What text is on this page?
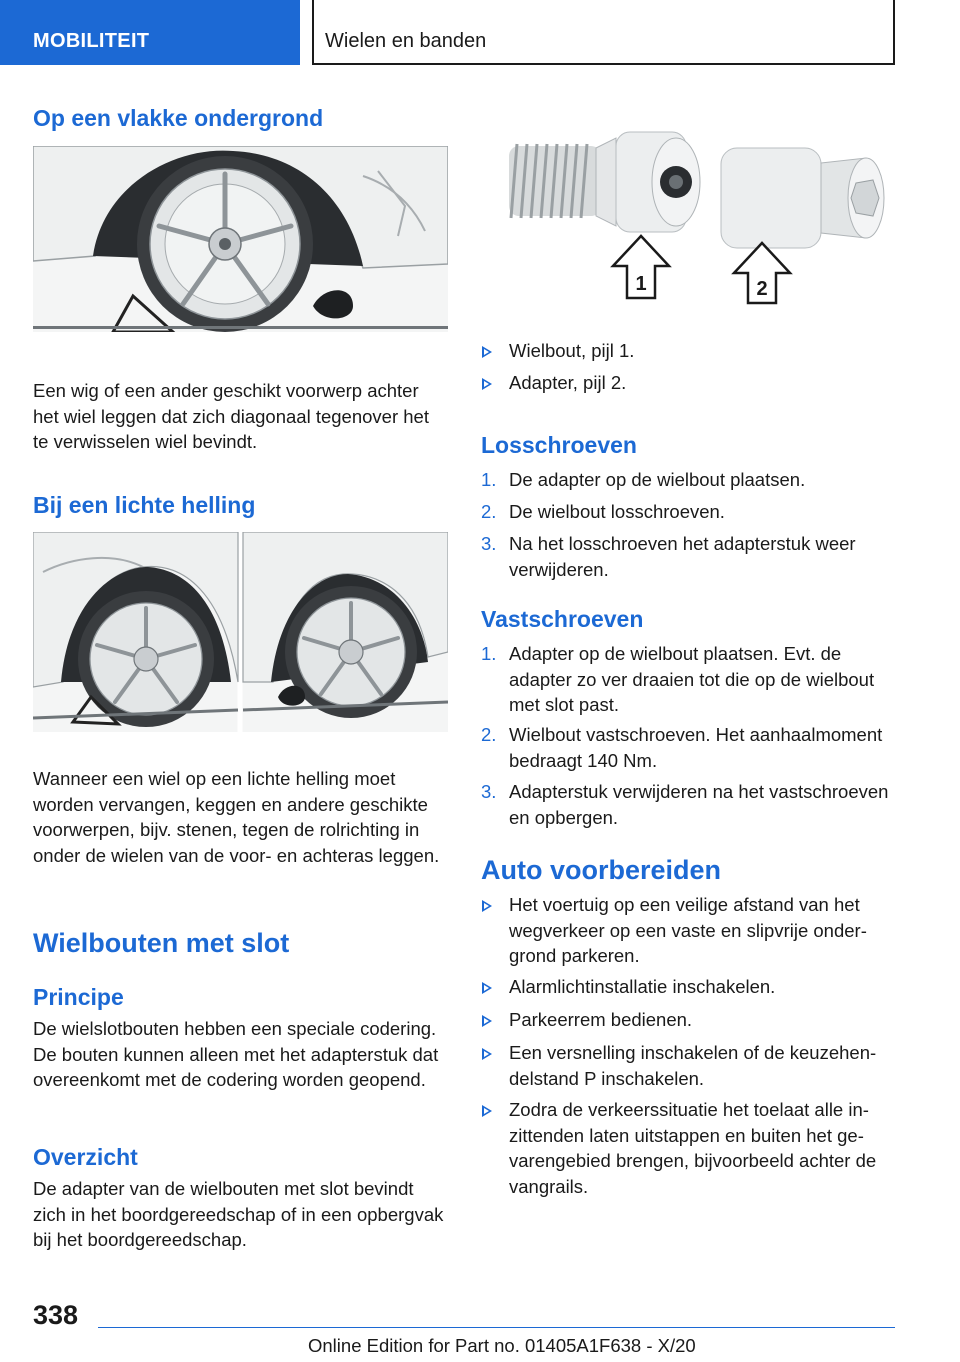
MOBILITEIT	Wielen en banden
Op een vlakke ondergrond
Een wig of een ander geschikt voorwerp achter het wiel leggen dat zich diagonaal tegenover het te verwisselen wiel bevindt.
Bij een lichte helling
Wanneer een wiel op een lichte helling moet worden vervangen, keggen en andere geschikte voorwerpen, bijv. stenen, tegen de rolrichting in onder de wielen van de voor- en achteras leggen.
Wielbouten met slot
Principe
De wielslotbouten hebben een speciale codering. De bouten kunnen alleen met het adapterstuk dat overeenkomt met de codering worden geopend.
Overzicht
De adapter van de wielbouten met slot bevindt zich in het boordgereedschap of in een opbergvak bij het boordgereedschap.
1	2
Wielbout, pijl 1.
Adapter, pijl 2.
Losschroeven
1. De adapter op de wielbout plaatsen.
2. De wielbout losschroeven.
3. Na het losschroeven het adapterstuk weer verwijderen.
Vastschroeven
1. Adapter op de wielbout plaatsen. Evt. de adapter zo ver draaien tot die op de wielbout met slot past.
2. Wielbout vastschroeven. Het aanhaalmoment bedraagt 140 Nm.
3. Adapterstuk verwijderen na het vastschroeven en opbergen.
Auto voorbereiden
Het voertuig op een veilige afstand van het wegverkeer op een vaste en slipvrije ondergrond parkeren.
Alarmlichtinstallatie inschakelen.
Parkeerrem bedienen.
Een versnelling inschakelen of de keuzehendelstand P inschakelen.
Zodra de verkeerssituatie het toelaat alle inzittenden laten uitstappen en buiten het gevarengebied brengen, bijvoorbeeld achter de vangrails.
338
Online Edition for Part no. 01405A1F638 - X/20
